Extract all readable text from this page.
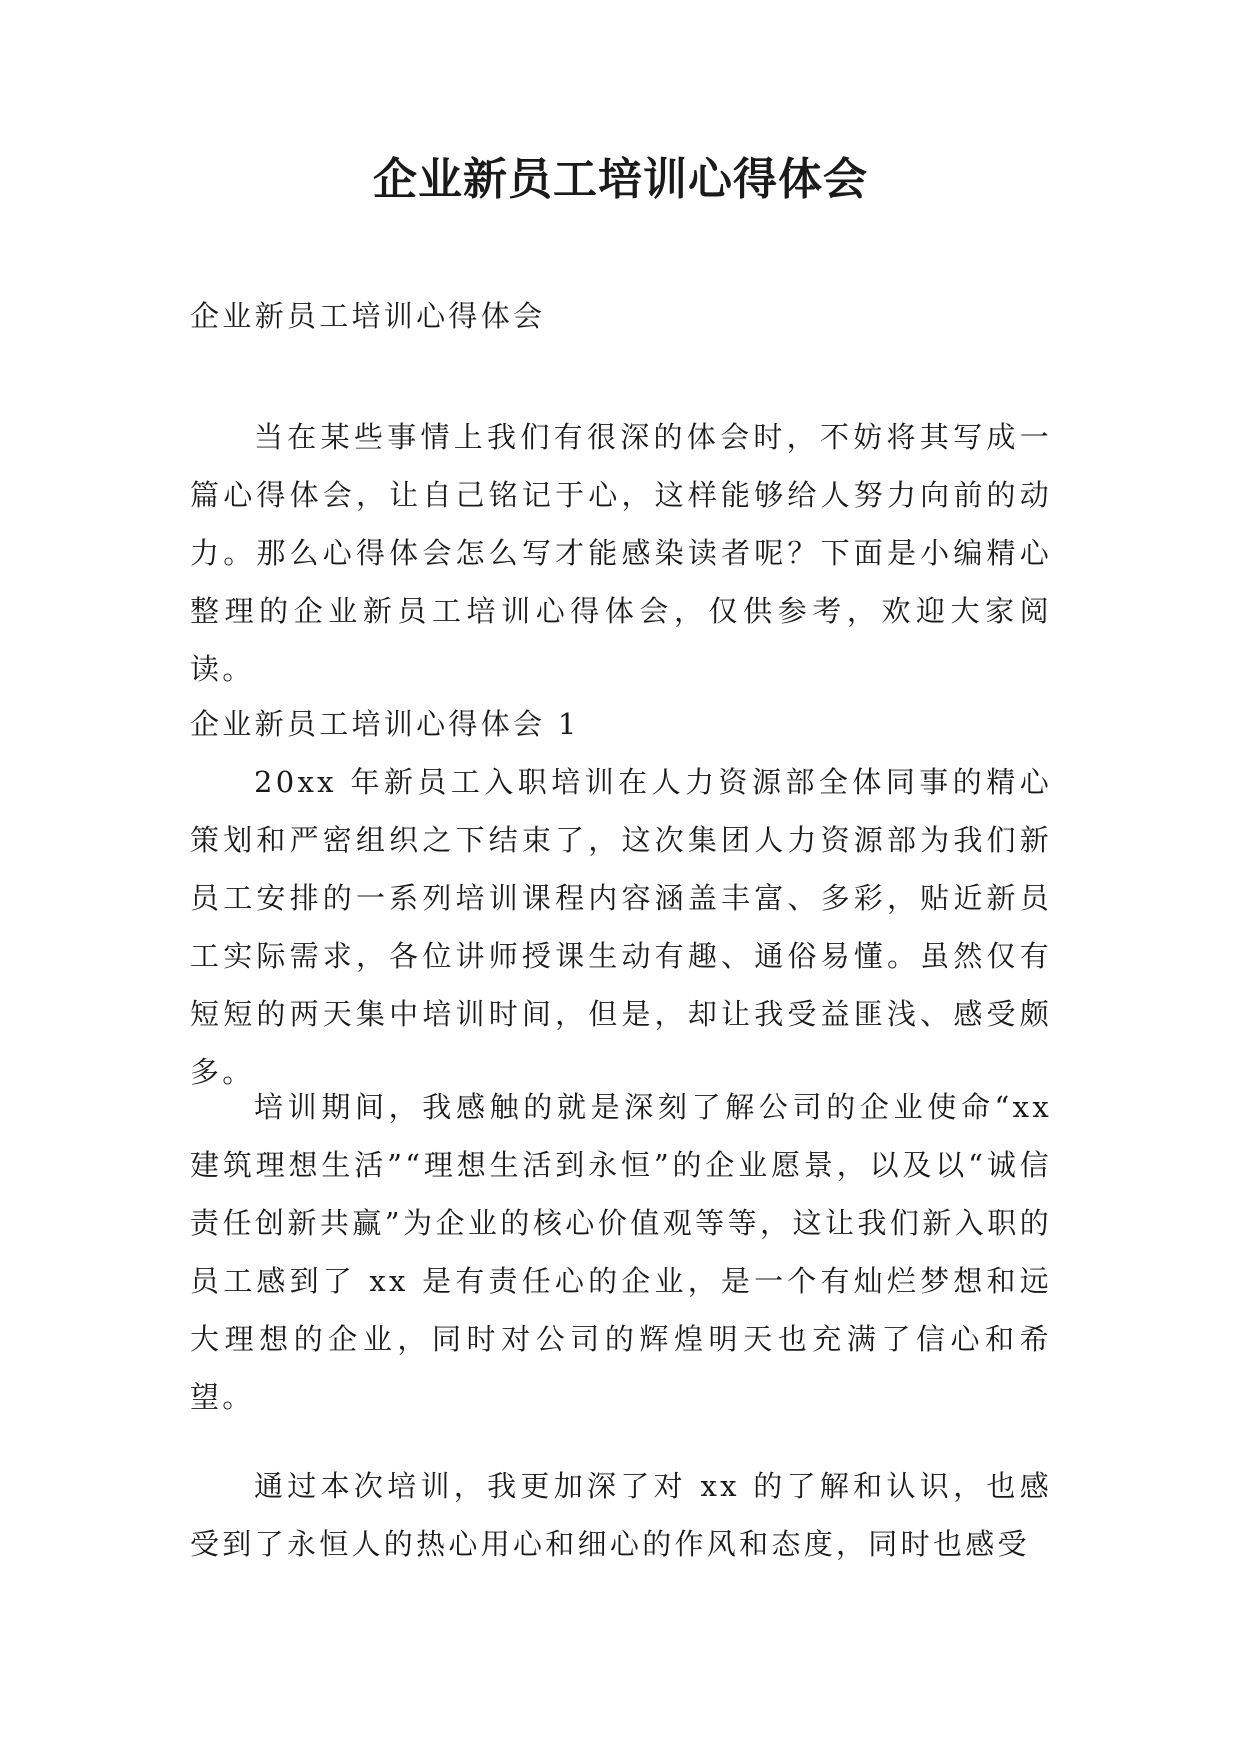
企业新员工培训心得体会

企业新员工培训心得体会

当在某些事情上我们有很深的体会时，不妨将其写成一篇心得体会，让自己铭记于心，这样能够给人努力向前的动力。那么心得体会怎么写才能感染读者呢？下面是小编精心整理的企业新员工培训心得体会，仅供参考，欢迎大家阅读。

企业新员工培训心得体会 1

20xx 年新员工入职培训在人力资源部全体同事的精心策划和严密组织之下结束了，这次集团人力资源部为我们新员工安排的一系列培训课程内容涵盖丰富、多彩，贴近新员工实际需求，各位讲师授课生动有趣、通俗易懂。虽然仅有短短的两天集中培训时间，但是，却让我受益匪浅、感受颇多。

培训期间，我感触的就是深刻了解公司的企业使命“xx 建筑理想生活”“理想生活到永恒”的企业愿景，以及以“诚信责任创新共赢”为企业的核心价值观等等，这让我们新入职的员工感到了 xx 是有责任心的企业，是一个有灿烂梦想和远大理想的企业，同时对公司的辉煌明天也充满了信心和希望。

通过本次培训，我更加深了对 xx 的了解和认识，也感受到了永恒人的热心用心和细心的作风和态度，同时也感受
